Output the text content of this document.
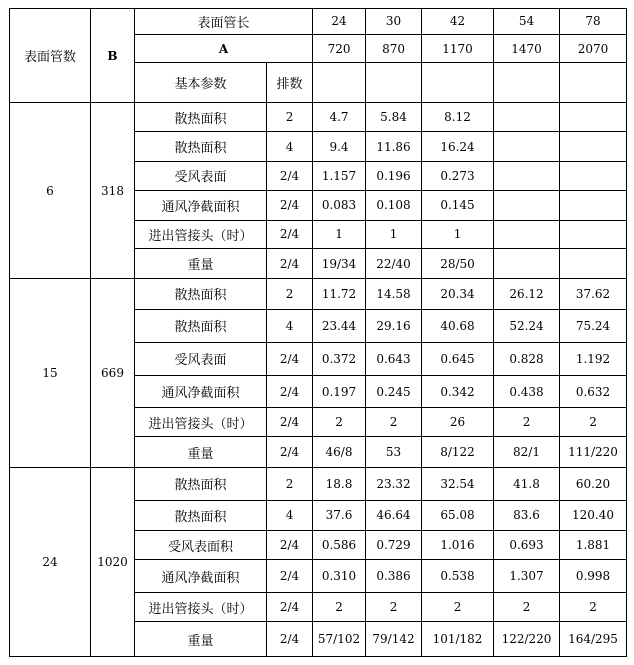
表面管数	B	表面管长		24	30	42	54	78
		A		720	870	1170	1470	2070
		基本参数	排数					
6	318	散热面积	2	4.7	5.84	8.12		
		散热面积	4	9.4	11.86	16.24		
		受风表面	2/4	1.157	0.196	0.273		
		通风净截面积	2/4	0.083	0.108	0.145		
		进出管接头（时）	2/4	1	1	1		
		重量	2/4	19/34	22/40	28/50		
15	669	散热面积	2	11.72	14.58	20.34	26.12	37.62
		散热面积	4	23.44	29.16	40.68	52.24	75.24
		受风表面	2/4	0.372	0.643	0.645	0.828	1.192
		通风净截面积	2/4	0.197	0.245	0.342	0.438	0.632
		进出管接头（时）	2/4	2	2	26	2	2
		重量	2/4	46/8	53	8/122	82/1	111/220
24	1020	散热面积	2	18.8	23.32	32.54	41.8	60.20
		散热面积	4	37.6	46.64	65.08	83.6	120.40
		受风表面积	2/4	0.586	0.729	1.016	0.693	1.881
		通风净截面积	2/4	0.310	0.386	0.538	1.307	0.998
		进出管接头（时）	2/4	2	2	2	2	2
		重量	2/4	57/102	79/142	101/182	122/220	164/295
